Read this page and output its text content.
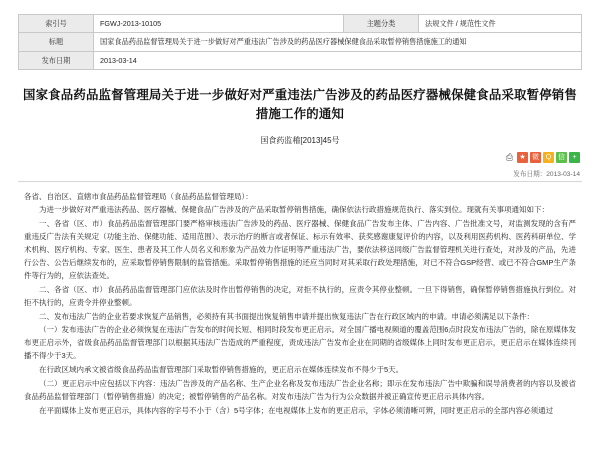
索引号	FGWJ-2013-10105	主题分类	法规文件 / 规范性文件
标题	国家食品药品监督管理局关于进一步做好对严重违法广告涉及的药品医疗器械保健食品采取暂停销售措施施工的通知		
发布日期	2013-03-14		
国家食品药品监督管理局关于进一步做好对严重违法广告涉及的药品医疗器械保健食品采取暂停销售措施工作的通知
国食药监稽[2013]45号
⎙ ★ 微 Q 信	+
发布日期：2013-03-14

各省、自治区、直辖市食品药品监督管理局（食品药品监督管理局）：

为进一步做好对严重违法药品、医疗器械、保健食品广告涉及的产品采取暂停销售措施，确保依法行政措施规范执行、落实到位。现就有关事项通知如下：

一、各省（区、市）食品药品监督管理部门要严格审核违法广告涉及的药品、医疗器械、保健食品广告发布主体、广告内容、广告批准文号，对监测发现的含有严重违反广告法有关规定（功能主治、保健功能、适用范围）、表示治疗的断言或者保证、标示有效率、获奖感谢康复评价的内容，以及利用医药机构、医药科研单位、学术机构、医疗机构、专家、医生、患者及其工作人员名义和形象为产品效力作证明等严重违法广告，要依法移送同级广告监督管理机关进行查处，对涉及的产品，先进行公告、公告后继续发布的，应采取暂停销售限制的监管措施。采取暂停销售措施的还应当同时对其采取行政处理措施，对已不符合GSP经营、或已不符合GMP生产条件等行为的，应依法查处。

二、各省（区、市）食品药品监督管理部门应依法及时作出暂停销售的决定，对拒不执行的，应责令其停业整顿。一旦下得销售，确保暂停销售措施执行到位。对拒不执行的，应责令并停业整顿。

二、发布违法广告的企业若要求恢复产品销售，必须持有其书面提出恢复销售申请并提出恢复违法广告在行政区域内的申请。申请必须满足以下条件：

（一）发布违法广告的企业必须恢复在违法广告发布的时间长短、相同时段发布更正启示。对全国广播电视频道的覆盖范围6点时段发布违法广告的，除在原媒体发布更正启示外，省级食品药品监督管理部门以根据其违法广告造成的严重程度，责成违法广告发布企业在同期的省级媒体上同时发布更正启示，更正启示在媒体连续刊播不得少于3天。

在行政区域内承文被省级食品药品监督管理部门采取暂停销售措施的，更正启示在媒体连续发布不得少于5天。

（二）更正启示中应包括以下内容：违法广告涉及的产品名称、生产企业名称及发布违法广告企业名称；即示在发布违法广告中欺骗和误导消费者的内容以及被省食品药品监督管理部门（暂停销售措施）的决定；被暂停销售的产品名称。对发布违法广告为行为公众数据并被正确宣传更正启示具体内容。

在平面媒体上发布更正启示，具体内容的字号不小于（含）5号字体；在电视媒体上发布的更正启示，字体必须清晰可辨，同时更正启示的全部内容必须通过
